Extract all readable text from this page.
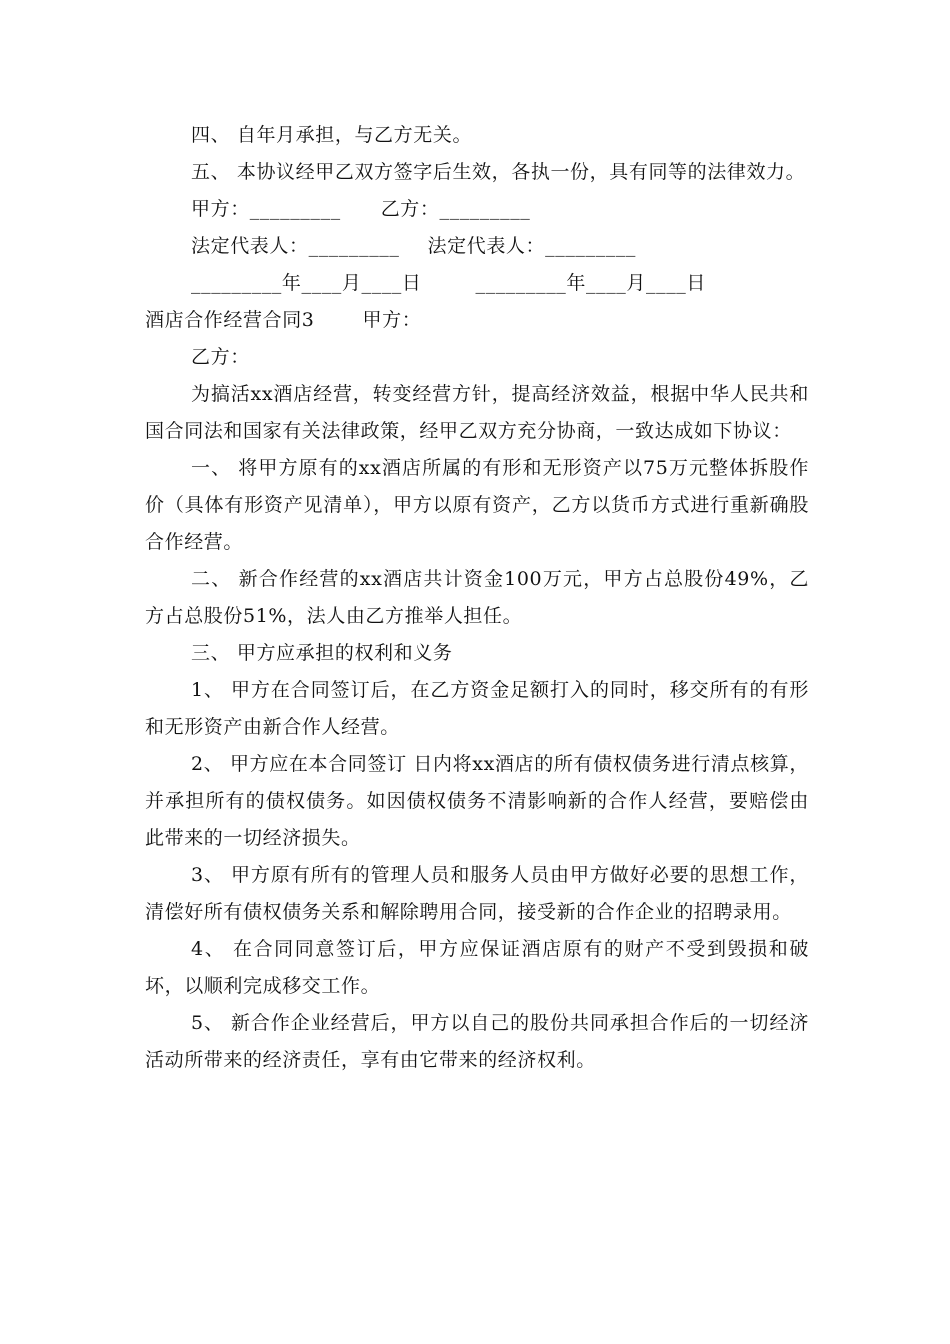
四、 自年月承担，与乙方无关。

五、 本协议经甲乙双方签字后生效，各执一份，具有同等的法律效力。

甲方：_________ 乙方：_________
法定代表人：_________ 法定代表人：_________
_________年____月____日	_________年____月____日
酒店合作经营合同3	甲方：

乙方：

为搞活xx酒店经营，转变经营方针，提高经济效益，根据中华人民共和国合同法和国家有关法律政策，经甲乙双方充分协商，一致达成如下协议：

一、 将甲方原有的xx酒店所属的有形和无形资产以75万元整体拆股作价（具体有形资产见清单），甲方以原有资产，乙方以货币方式进行重新确股合作经营。

二、 新合作经营的xx酒店共计资金100万元，甲方占总股份49%，乙方占总股份51%，法人由乙方推举人担任。

三、 甲方应承担的权利和义务

1、 甲方在合同签订后，在乙方资金足额打入的同时，移交所有的有形和无形资产由新合作人经营。

2、 甲方应在本合同签订 日内将xx酒店的所有债权债务进行清点核算，并承担所有的债权债务。如因债权债务不清影响新的合作人经营，要赔偿由此带来的一切经济损失。

3、 甲方原有所有的管理人员和服务人员由甲方做好必要的思想工作，清偿好所有债权债务关系和解除聘用合同，接受新的合作企业的招聘录用。

4、 在合同同意签订后，甲方应保证酒店原有的财产不受到毁损和破坏，以顺利完成移交工作。

5、 新合作企业经营后，甲方以自己的股份共同承担合作后的一切经济活动所带来的经济责任，享有由它带来的经济权利。
